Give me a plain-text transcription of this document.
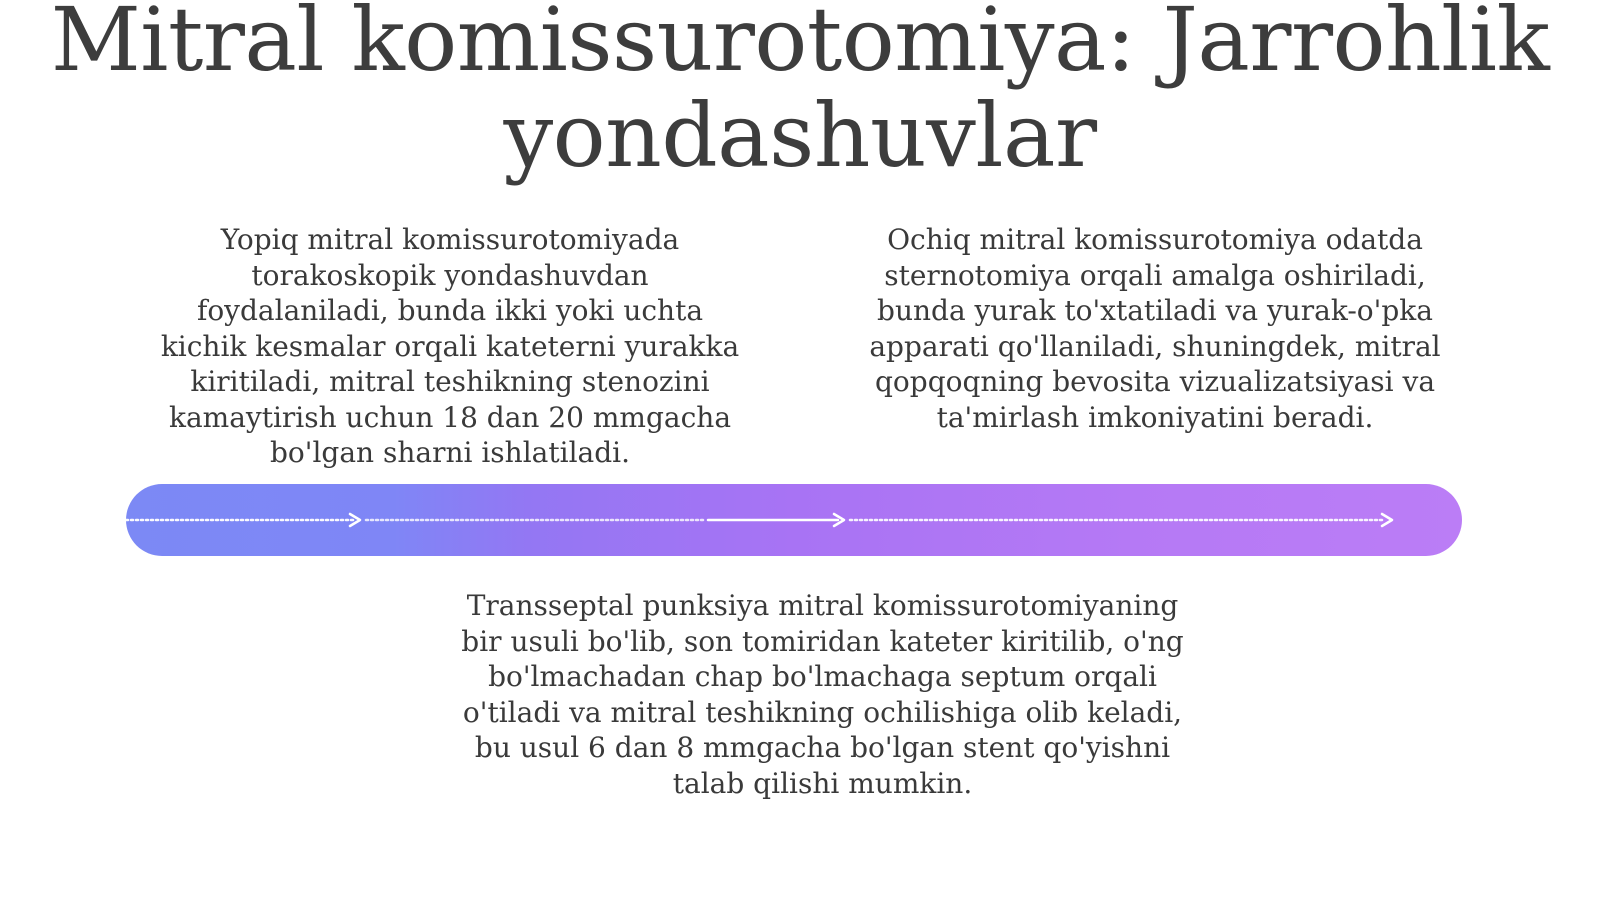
Mitral komissurotomiya: Jarrohlik yondashuvlar

Yopiq mitral komissurotomiyada torakoskopik yondashuvdan foydalaniladi, bunda ikki yoki uchta kichik kesmalar orqali kateterni yurakka kiritiladi, mitral teshikning stenozini kamaytirish uchun 18 dan 20 mmgacha bo'lgan sharni ishlatiladi.

Ochiq mitral komissurotomiya odatda sternotomiya orqali amalga oshiriladi, bunda yurak to'xtatiladi va yurak-o'pka apparati qo'llaniladi, shuningdek, mitral qopqoqning bevosita vizualizatsiyasi va ta'mirlash imkoniyatini beradi.

Transseptal punksiya mitral komissurotomiyaning bir usuli bo'lib, son tomiridan kateter kiritilib, o'ng bo'lmachadan chap bo'lmachaga septum orqali o'tiladi va mitral teshikning ochilishiga olib keladi, bu usul 6 dan 8 mmgacha bo'lgan stent qo'yishni talab qilishi mumkin.
